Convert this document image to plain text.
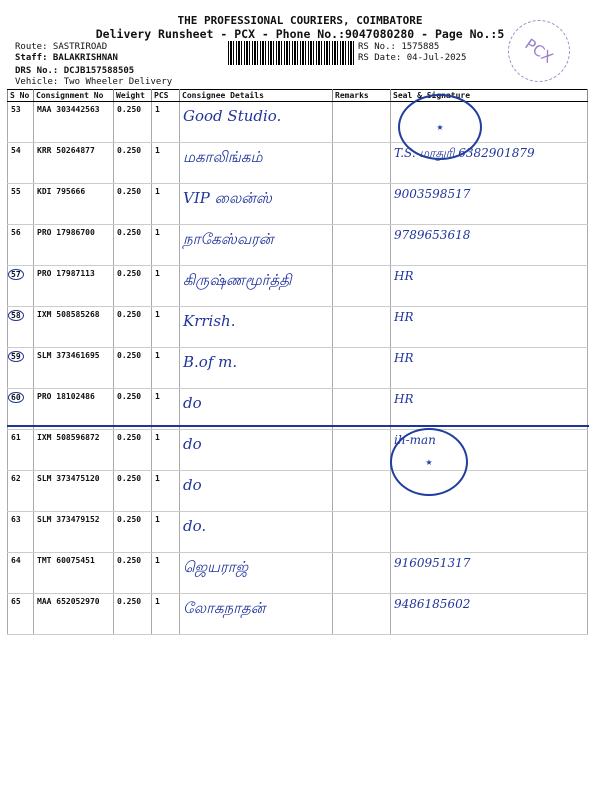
THE PROFESSIONAL COURIERS, COIMBATORE
Delivery Runsheet - PCX - Phone No.:9047080280 - Page No.:5
Route: SASTRIROAD
Staff: BALAKRISHNAN
DRS No.: DCJB157588505
Vehicle: Two Wheeler Delivery
RS No.: 1575885
RS Date: 04-Jul-2025	PCX
S No	Consignment No	Weight	PCS	Consignee Details	Remarks	Seal & Signature
53	MAA 303442563	0.250	1	Good Studio.		

54	KRR 50264877	0.250	1	மகாலிங்கம்		T.S. மாதுரி 6382901879

55	KDI 795666	0.250	1	VIP லைன்ஸ்		9003598517

56	PRO 17986700	0.250	1	நாகேஸ்வரன்		9789653618

57	PRO 17987113	0.250	1	கிருஷ்ணமூர்த்தி		HR

58	IXM 508585268	0.250	1	Krrish.		HR

59	SLM 373461695	0.250	1	B.of m.		HR

60	PRO 18102486	0.250	1	do		HR

61	IXM 508596872	0.250	1	do		ih-man

62	SLM 373475120	0.250	1	do		

63	SLM 373479152	0.250	1	do.		

64	TMT 60075451	0.250	1	ஜெயராஜ்		9160951317

65	MAA 652052970	0.250	1	லோகநாதன்		9486185602
★
★
